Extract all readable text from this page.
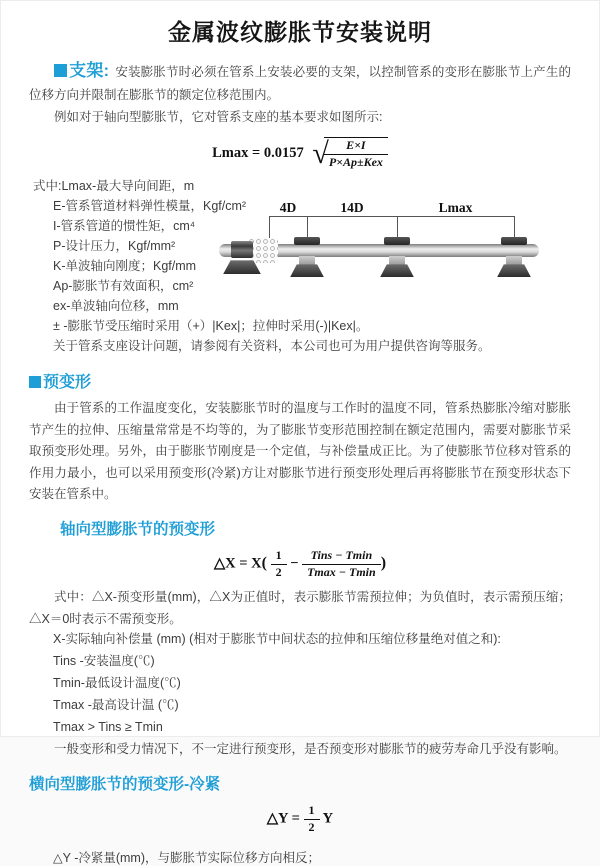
金属波纹膨胀节安装说明

支架: 安装膨胀节时必须在管系上安装必要的支架，以控制管系的变形在膨胀节上产生的位移方向并限制在膨胀节的额定位移范围内。

例如对于轴向型膨胀节，它对管系支座的基本要求如图所示:

Lmax = 0.0157 √
$\frac{E\times I}{\text{P×Ap±Kex}}$
式中:Lmax-最大导向间距，m
E-管系管道材料弹性模量，Kgf/cm²
I-管系管道的惯性矩，cm⁴
P-设计压力，Kgf/mm²
K-单波轴向刚度；Kgf/mm
Ap-膨胀节有效面积，cm²
ex-单波轴向位移，mm
± -膨胀节受压缩时采用（+）|Kex|；拉伸时采用(-)|Kex|。
关于管系支座设计问题，请参阅有关资料，本公司也可为用户提供咨询等服务。
4D	14D	Lmax
预变形

由于管系的工作温度变化，安装膨胀节时的温度与工作时的温度不同，管系热膨胀冷缩对膨胀节产生的拉伸、压缩量常常是不均等的，为了膨胀节变形范围控制在额定范围内，需要对膨胀节采取预变形处理。另外，由于膨胀节刚度是一个定值，与补偿量成正比。为了使膨胀节位移对管系的作用力最小，也可以采用预变形(冷紧)方让对膨胀节进行预变形处理后再将膨胀节在预变形状态下安装在管系中。

轴向型膨胀节的预变形
△X = $X( \frac{1}{2} - \frac{\text{Tins − Tmin}}{Tmax - Tmin}$ )

式中：△X-预变形量(mm)，△X为正值时，表示膨胀节需预拉伸；为负值时，表示需预压缩；△X＝0时表示不需预变形。

X-实际轴向补偿量 (mm) (相对于膨胀节中间状态的拉伸和压缩位移量绝对值之和):
Tins -安装温度(℃)
Tmin-最低设计温度(℃)
Tmax -最高设计温 (℃)
Tmax > Tins ≥ Tmin

一般变形和受力情况下，不一定进行预变形，是否预变形对膨胀节的疲劳寿命几乎没有影响。

横向型膨胀节的预变形-冷紧
△Y = $\frac{1}{2}$ Y
△Y -冷紧量(mm)，与膨胀节实际位移方向相反；
